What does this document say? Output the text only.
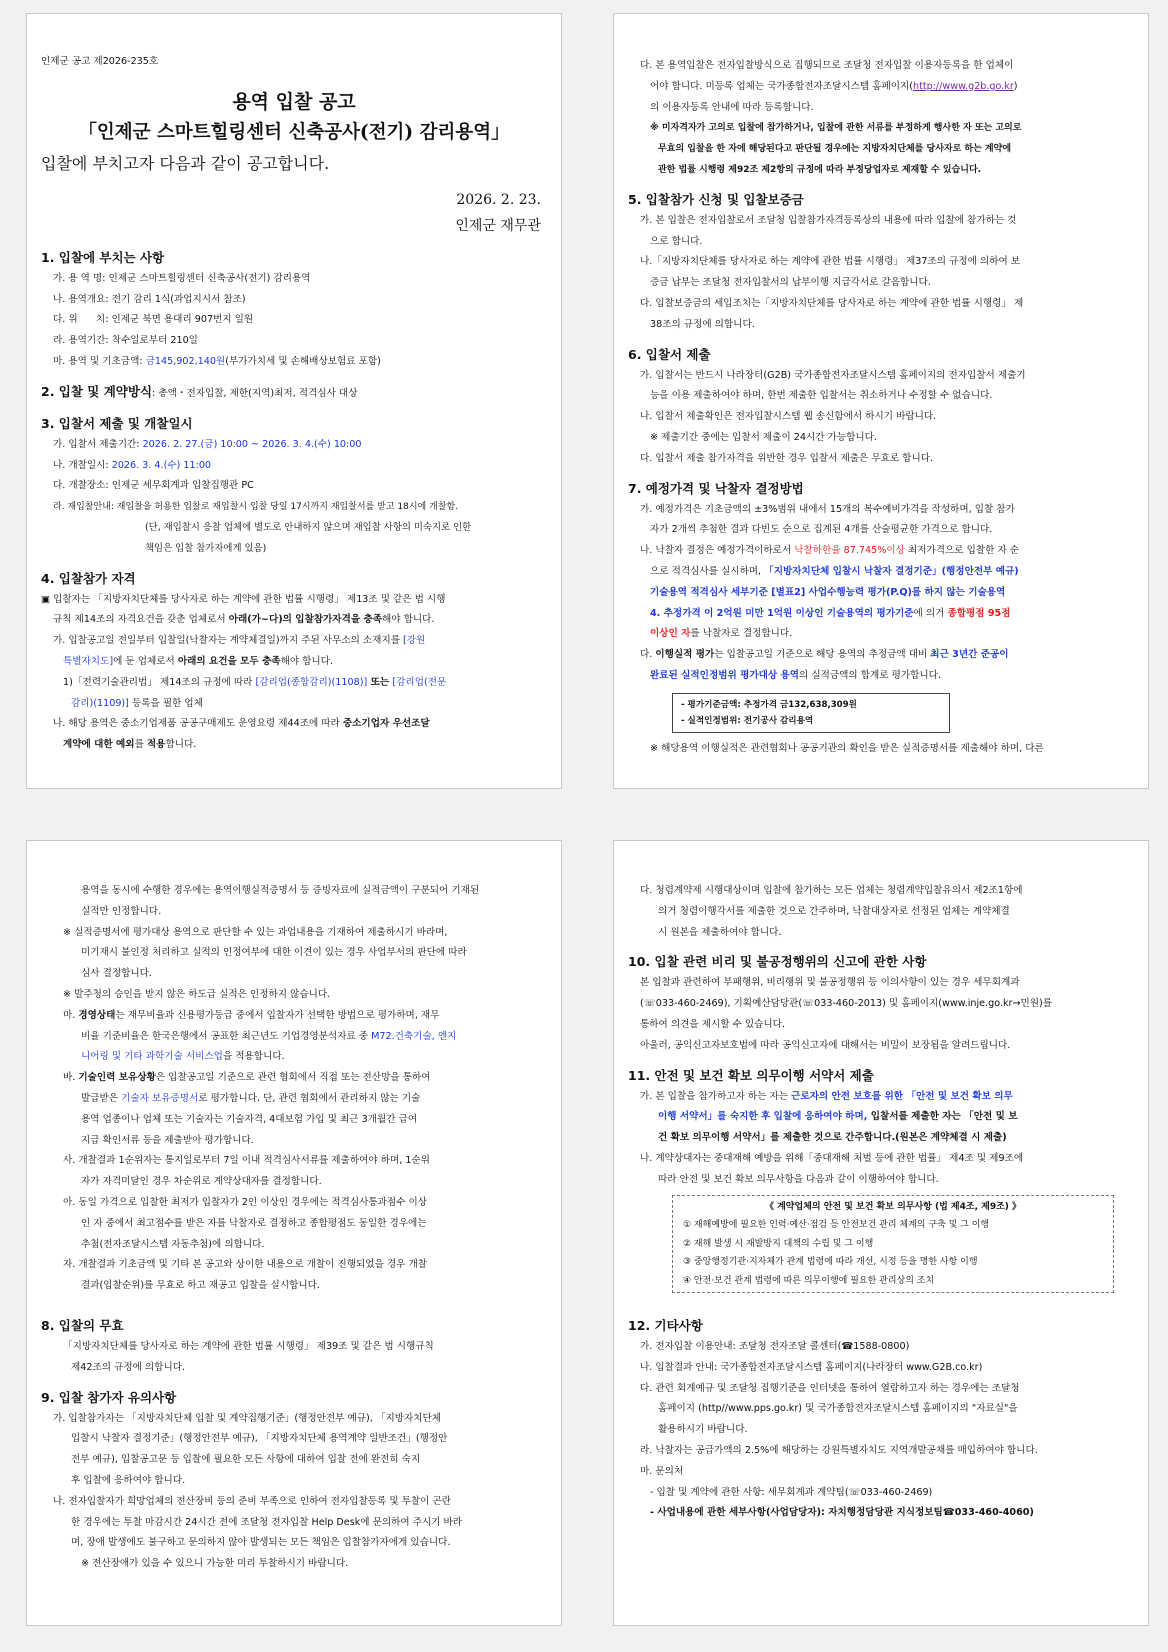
인제군 공고 제2026-235호
용역 입찰 공고
「인제군 스마트힐링센터 신축공사(전기) 감리용역」
입찰에 부치고자 다음과 같이 공고합니다.
2026. 2. 23.
인제군 재무관
1. 입찰에 부치는 사항
가. 용 역 명: 인제군 스마트힐링센터 신축공사(전기) 감리용역
나. 용역개요: 전기 감리 1식(과업지시서 참조)
다. 위      치: 인제군 북면 용대리 907번지 일원
라. 용역기간: 착수일로부터 210일
마. 용역 및 기초금액: 금145,902,140원(부가가치세 및 손해배상보험료 포함)
2. 입찰 및 계약방식: 총액・전자입찰, 제한(지역)최저, 적격심사 대상
3. 입찰서 제출 및 개찰일시
가. 입찰서 제출기간: 2026. 2. 27.(금) 10:00 ~ 2026. 3. 4.(수) 10:00
나. 개찰일시: 2026. 3. 4.(수) 11:00
다. 개찰장소: 인제군 세무회계과 입찰집행관 PC
라. 재입찰안내: 재입찰을 허용한 입찰로 재입찰시 입찰 당일 17시까지 재입찰서를 받고 18시에 개찰함.
(단, 재입찰시 응찰 업체에 별도로 안내하지 않으며 재입찰 사항의 미숙지로 인한
책임은 입찰 참가자에게 있음)
4. 입찰참가 자격
▣ 입찰자는 「지방자치단체를 당사자로 하는 계약에 관한 법률 시행령」 제13조 및 같은 법 시행
규칙 제14조의 자격요건을 갖춘 업체로서 아래(가~다)의 입찰참가자격을 충족해야 합니다.
가. 입찰공고일 전일부터 입찰일(낙찰자는 계약체결일)까지 주된 사무소의 소재지를 [강원
특별자치도]에 둔 업체로서 아래의 요건을 모두 충족해야 합니다.
1)「전력기술관리법」 제14조의 규정에 따라 [감리업(종합감리)(1108)] 또는 [감리업(전문
감리)(1109)] 등록을 필한 업체
나. 해당 용역은 중소기업제품 공공구매제도 운영요령 제44조에 따라 중소기업자 우선조달
계약에 대한 예외를 적용합니다.
다. 본 용역입찰은 전자입찰방식으로 집행되므로 조달청 전자입찰 이용자등록을 한 업체이
어야 합니다. 미등록 업체는 국가종합전자조달시스템 홈페이지(http://www.g2b.go.kr)
의 이용자등록 안내에 따라 등록합니다.
※ 미자격자가 고의로 입찰에 참가하거나, 입찰에 관한 서류를 부정하게 행사한 자 또는 고의로
무효의 입찰을 한 자에 해당된다고 판단될 경우에는 지방자치단체를 당사자로 하는 계약에
관한 법률 시행령 제92조 제2항의 규정에 따라 부정당업자로 제재할 수 있습니다.
5. 입찰참가 신청 및 입찰보증금
가. 본 입찰은 전자입찰로서 조달청 입찰참가자격등록상의 내용에 따라 입찰에 참가하는 것
으로 합니다.
나.「지방자치단체를 당사자로 하는 계약에 관한 법률 시행령」 제37조의 규정에 의하여 보
증금 납부는 조달청 전자입찰서의 납부이행 지급각서로 갈음합니다.
다. 입찰보증금의 세입조치는「지방자치단체를 당사자로 하는 계약에 관한 법률 시행령」 제
38조의 규정에 의합니다.
6. 입찰서 제출
가. 입찰서는 반드시 나라장터(G2B) 국가종합전자조달시스템 홈페이지의 전자입찰서 제출기
능을 이용 제출하여야 하며, 한번 제출한 입찰서는 취소하거나 수정할 수 없습니다.
나. 입찰서 제출확인은 전자입찰시스템 웹 송신함에서 하시기 바랍니다.
※ 제출기간 중에는 입찰서 제출이 24시간 가능합니다.
다. 입찰서 제출 참가자격을 위반한 경우 입찰서 제출은 무효로 합니다.
7. 예정가격 및 낙찰자 결정방법
가. 예정가격은 기초금액의 ±3%범위 내에서 15개의 복수예비가격을 작성하며, 입찰 참가
자가 2개씩 추첨한 결과 다빈도 순으로 집계된 4개를 산술평균한 가격으로 합니다.
나. 낙찰자 결정은 예정가격이하로서 낙찰하한율 87.745%이상 최저가격으로 입찰한 자 순
으로 적격심사를 실시하며, 「지방자치단체 입찰시 낙찰자 결정기준」(행정안전부 예규)
기술용역 적격심사 세부기준 [별표2] 사업수행능력 평가(P.Q)를 하지 않는 기술용역
4. 추정가격 이 2억원 미만 1억원 이상인 기술용역의 평가기준에 의거 종합평점 95점
이상인 자를 낙찰자로 결정합니다.
다. 이행실적 평가는 입찰공고일 기준으로 해당 용역의 추정금액 대비 최근 3년간 준공이
완료된 실적인정범위 평가대상 용역의 실적금액의 합계로 평가합니다.
- 평가기준금액: 추정가격 금132,638,309원
- 실적인정범위: 전기공사 감리용역
※ 해당용역 이행실적은 관련협회나 공공기관의 확인을 받은 실적증명서를 제출해야 하며, 다른
용역을 동시에 수행한 경우에는 용역이행실적증명서 등 증빙자료에 실적금액이 구분되어 기재된
실적만 인정합니다.
※ 실적증명서에 평가대상 용역으로 판단할 수 있는 과업내용을 기재하여 제출하시기 바라며,
미기재시 불인정 처리하고 실적의 인정여부에 대한 이견이 있는 경우 사업부서의 판단에 따라
심사 결정합니다.
※ 발주청의 승인을 받지 않은 하도급 실적은 인정하지 않습니다.
마. 경영상태는 재무비율과 신용평가등급 중에서 입찰자가 선택한 방법으로 평가하며, 재무
비율 기준비율은 한국은행에서 공표한 최근년도 기업경영분석자료 중 M72.건축기술, 엔지
니어링 및 기타 과학기술 서비스업을 적용합니다.
바. 기술인력 보유상황은 입찰공고일 기준으로 관련 협회에서 직접 또는 전산망을 통하여
발급받은 기술자 보유증명서로 평가합니다. 단, 관련 협회에서 관리하지 않는 기술
용역 업종이나 업체 또는 기술자는 기술자격, 4대보험 가입 및 최근 3개월간 급여
지급 확인서류 등을 제출받아 평가합니다.
사. 개찰결과 1순위자는 통지일로부터 7일 이내 적격심사서류를 제출하여야 하며, 1순위
자가 자격미달인 경우 차순위로 계약상대자를 결정합니다.
아. 동일 가격으로 입찰한 최저가 입찰자가 2인 이상인 경우에는 적격심사통과점수 이상
인 자 중에서 최고점수를 받은 자를 낙찰자로 결정하고 종합평점도 동일한 경우에는
추첨(전자조달시스템 자동추첨)에 의합니다.
자. 개찰결과 기초금액 및 기타 본 공고와 상이한 내용으로 개찰이 진행되었을 경우 개찰
결과(입찰순위)를 무효로 하고 재공고 입찰을 실시합니다.
8. 입찰의 무효
「지방자치단체를 당사자로 하는 계약에 관한 법률 시행령」 제39조 및 같은 법 시행규칙
제42조의 규정에 의합니다.
9. 입찰 참가자 유의사항
가. 입찰참가자는 「지방자치단체 입찰 및 계약집행기준」(행정안전부 예규), 「지방자치단체
입찰시 낙찰자 결정기준」(행정안전부 예규), 「지방자치단체 용역계약 일반조건」(행정안
전부 예규), 입찰공고문 등 입찰에 필요한 모든 사항에 대하여 입찰 전에 완전히 숙지
후 입찰에 응하여야 합니다.
나. 전자입찰자가 희망업체의 전산장비 등의 준비 부족으로 인하여 전자입찰등록 및 투찰이 곤란
한 경우에는 투찰 마감시간 24시간 전에 조달청 전자입찰 Help Desk에 문의하여 주시기 바라
며, 장애 발생에도 불구하고 문의하지 않아 발생되는 모든 책임은 입찰참가자에게 있습니다.
※ 전산장애가 있을 수 있으니 가능한 미리 투찰하시기 바랍니다.
다. 청렴계약제 시행대상이며 입찰에 참가하는 모든 업체는 청렴계약입찰유의서 제2조1항에
의거 청렴이행각서를 제출한 것으로 간주하며, 낙찰대상자로 선정된 업체는 계약체결
시 원본을 제출하여야 합니다.
10. 입찰 관련 비리 및 불공정행위의 신고에 관한 사항
본 입찰과 관련하여 부패행위, 비리행위 및 불공정행위 등 이의사항이 있는 경우 세무회계과
(☏033-460-2469), 기획예산담당관(☏033-460-2013) 및 홈페이지(www.inje.go.kr→민원)를
통하여 의견을 제시할 수 있습니다.
아울러, 공익신고자보호법에 따라 공익신고자에 대해서는 비밀이 보장됨을 알려드립니다.
11. 안전 및 보건 확보 의무이행 서약서 제출
가. 본 입찰을 참가하고자 하는 자는 근로자의 안전 보호를 위한 「안전 및 보건 확보 의무
이행 서약서」를 숙지한 후 입찰에 응하여야 하며, 입찰서를 제출한 자는 「안전 및 보
건 확보 의무이행 서약서」를 제출한 것으로 간주합니다.(원본은 계약체결 시 제출)
나. 계약상대자는 중대재해 예방을 위해「중대재해 처벌 등에 관한 법률」 제4조 및 제9조에
따라 안전 및 보건 확보 의무사항을 다음과 같이 이행하여야 합니다.
《 계약업체의 안전 및 보건 확보 의무사항 (법 제4조, 제9조) 》
① 재해예방에 필요한 인력·예산·점검 등 안전보건 관리 체계의 구축 및 그 이행
② 재해 발생 시 재발방지 대책의 수립 및 그 이행
③ 중앙행정기관·지자체가 관계 법령에 따라 개선, 시정 등을 명한 사항 이행
④ 안전·보건 관계 법령에 따른 의무이행에 필요한 관리상의 조치
12. 기타사항
가. 전자입찰 이용안내: 조달청 전자조달 콜센터(☎1588-0800)
나. 입찰결과 안내: 국가종합전자조달시스템 홈페이지(나라장터 www.G2B.co.kr)
다. 관련 회계예규 및 조달청 집행기준을 인터넷을 통하여 열람하고자 하는 경우에는 조달청
홈페이지 (http//www.pps.go.kr) 및 국가종합전자조달시스템 홈페이지의 "자료실"을
활용하시기 바랍니다.
라. 낙찰자는 공급가액의 2.5%에 해당하는 강원특별자치도 지역개발공채를 매입하여야 합니다.
마. 문의처
- 입찰 및 계약에 관한 사항: 세무회계과 계약팀(☏033-460-2469)
- 사업내용에 관한 세부사항(사업담당자): 자치행정담당관 지식정보팀☎033-460-4060)
